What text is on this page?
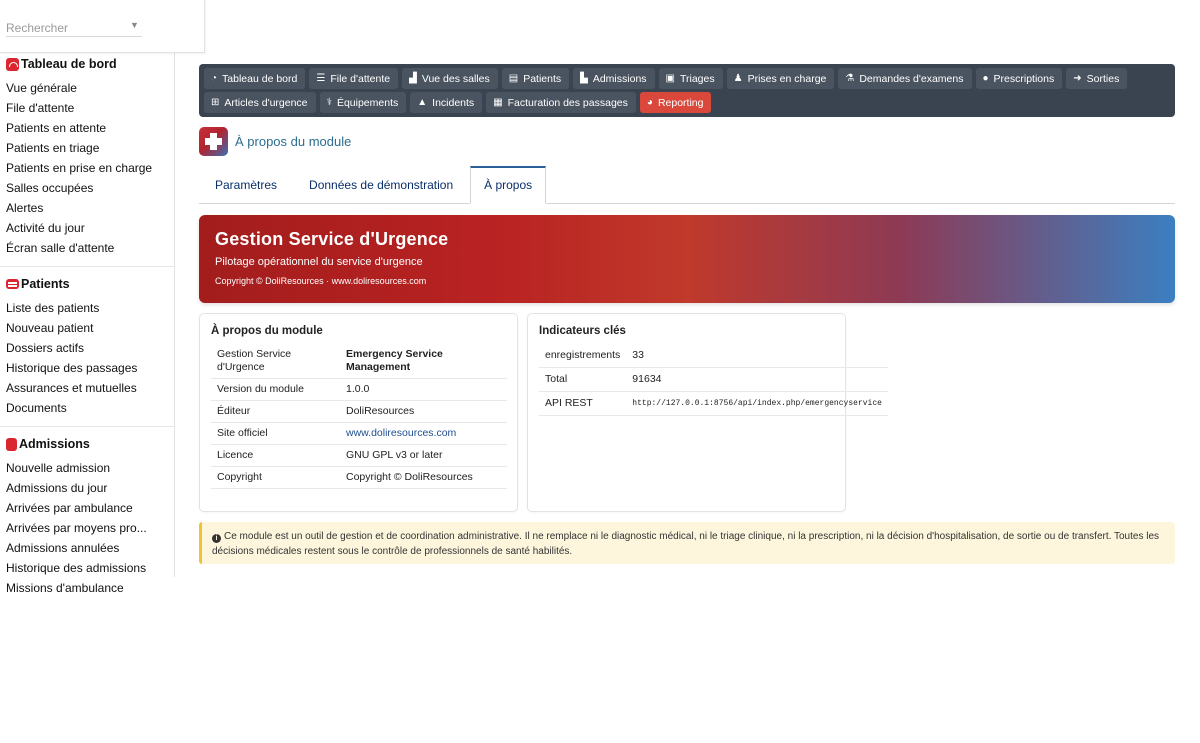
Tableau de bord
Vue générale
File d'attente
Patients en attente
Patients en triage
Patients en prise en charge
Salles occupées
Alertes
Activité du jour
Écran salle d'attente
Patients
Liste des patients
Nouveau patient
Dossiers actifs
Historique des passages
Assurances et mutuelles
Documents
Admissions
Nouvelle admission
Admissions du jour
Arrivées par ambulance
Arrivées par moyens pro...
Admissions annulées
Historique des admissions
Missions d'ambulance
Rechercher
▼
◔ Tableau de bord ☰ File d'attente ▟ Vue des salles ▤ Patients ▙ Admissions ▣ Triages ♟ Prises en charge ⚗ Demandes d'examens ● Prescriptions ➜ Sorties
⊞ Articles d'urgence ⚕ Équipements ▲ Incidents ▦ Facturation des passages ◕ Reporting
À propos du module
Paramètres	Données de démonstration	À propos
Gestion Service d'Urgence
Pilotage opérationnel du service d'urgence
Copyright © DoliResources · www.doliresources.com
À propos du module
Gestion Service d'Urgence	Emergency Service Management
Version du module	1.0.0
Éditeur	DoliResources
Site officiel	www.doliresources.com
Licence	GNU GPL v3 or later
Copyright	Copyright © DoliResources
Indicateurs clés
enregistrements	33
Total	91634
API REST	http://127.0.0.1:8756/api/index.php/emergencyservice
i Ce module est un outil de gestion et de coordination administrative. Il ne remplace ni le diagnostic médical, ni le triage clinique, ni la prescription, ni la décision d'hospitalisation, de sortie ou de transfert. Toutes les décisions médicales restent sous le contrôle de professionnels de santé habilités.
